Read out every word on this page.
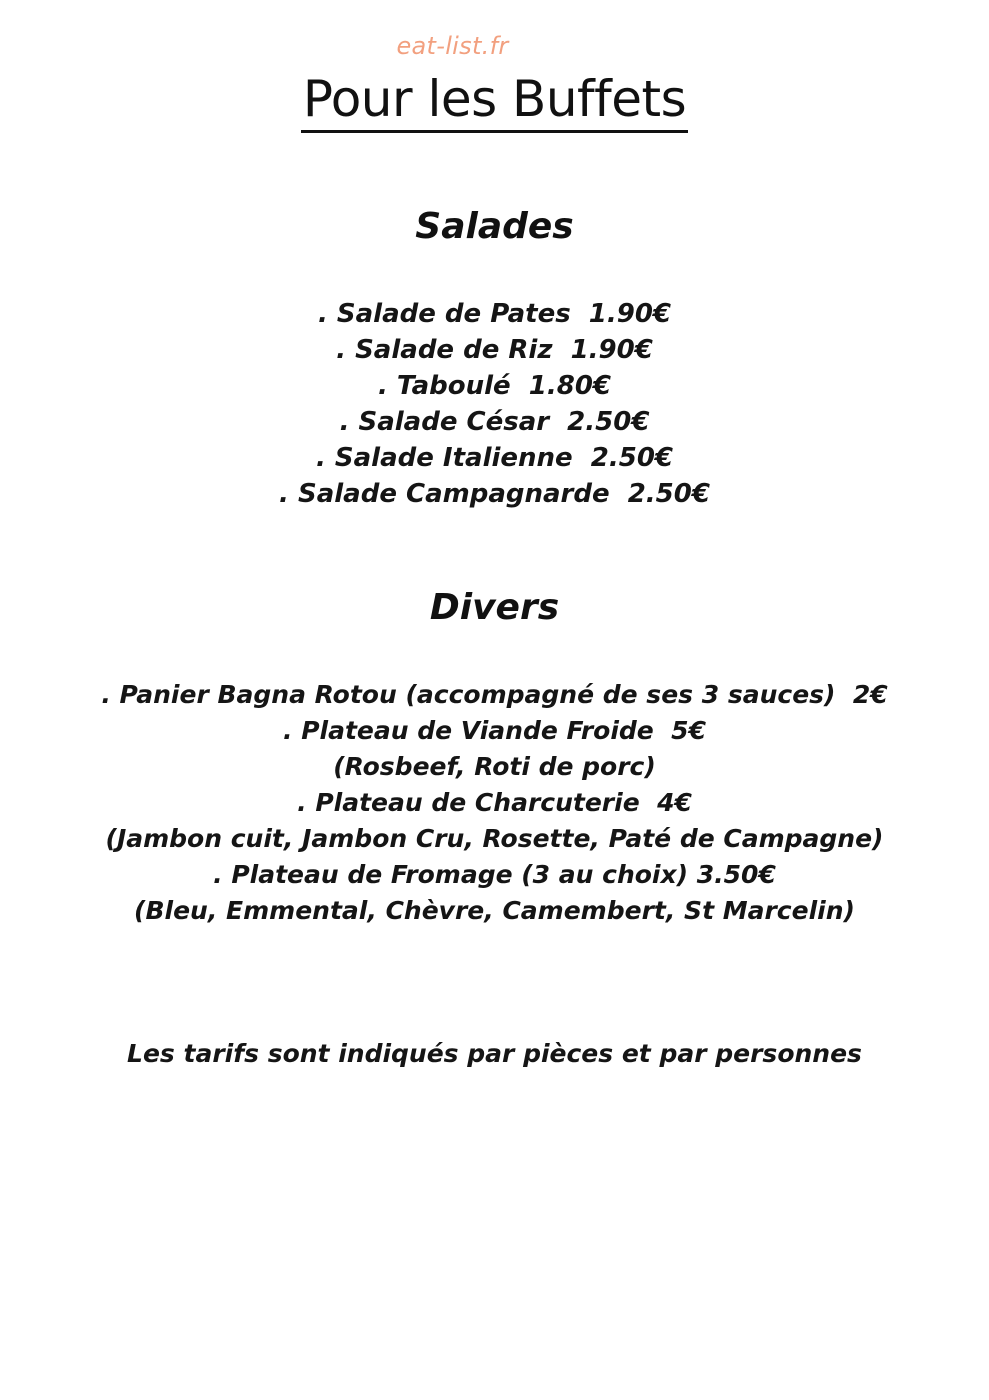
eat-list.fr
Pour les Buffets
Salades
. Salade de Pates  1.90€
. Salade de Riz  1.90€
. Taboulé  1.80€
. Salade César  2.50€
. Salade Italienne  2.50€
. Salade Campagnarde  2.50€
Divers
. Panier Bagna Rotou (accompagné de ses 3 sauces)  2€
. Plateau de Viande Froide  5€
(Rosbeef, Roti de porc)
. Plateau de Charcuterie  4€
(Jambon cuit, Jambon Cru, Rosette, Paté de Campagne)
. Plateau de Fromage (3 au choix) 3.50€
(Bleu, Emmental, Chèvre, Camembert, St Marcelin)

Les tarifs sont indiqués par pièces et par personnes
